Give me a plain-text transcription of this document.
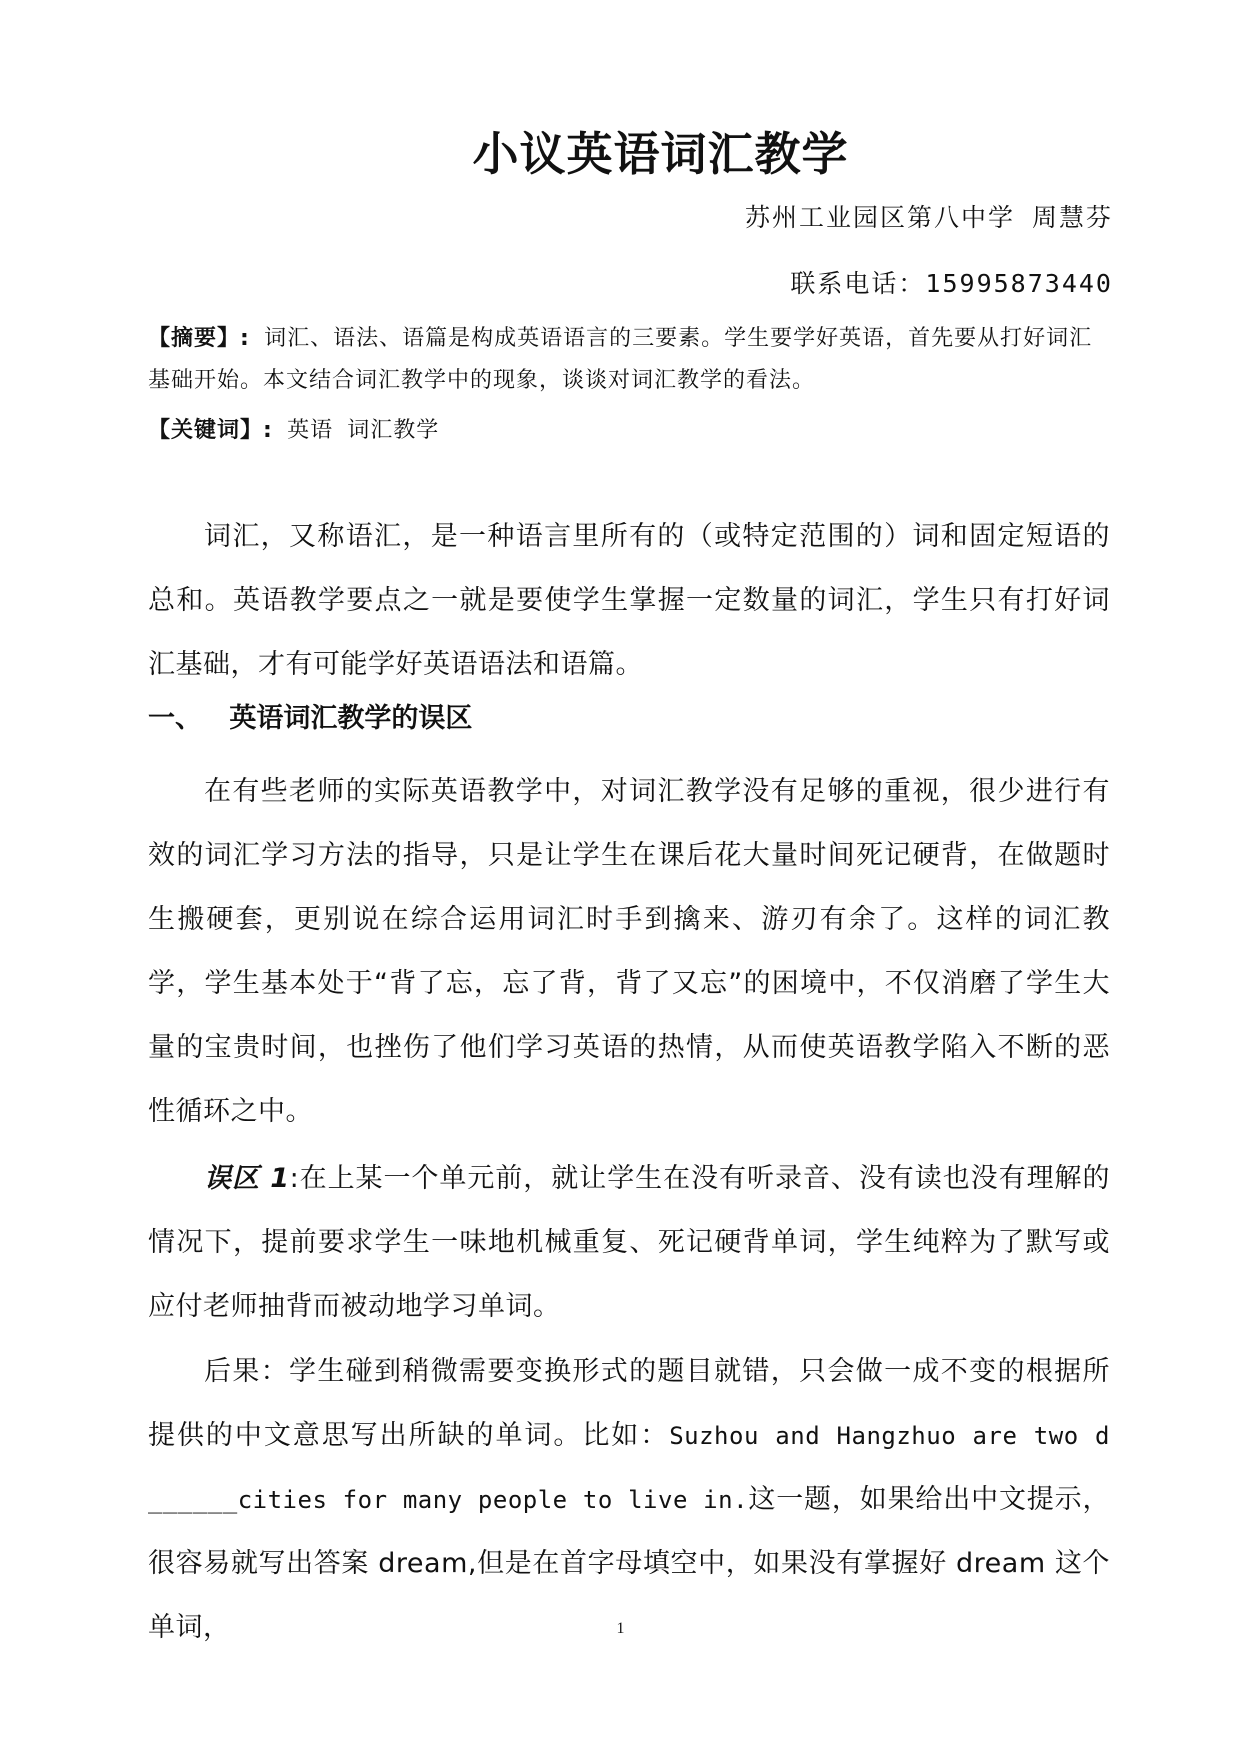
小议英语词汇教学
苏州工业园区第八中学 周慧芬
联系电话：15995873440
【摘要】: 词汇、语法、语篇是构成英语语言的三要素。学生要学好英语，首先要从打好词汇基础开始。本文结合词汇教学中的现象，谈谈对词汇教学的看法。
【关键词】: 英语 词汇教学
词汇，又称语汇，是一种语言里所有的（或特定范围的）词和固定短语的总和。英语教学要点之一就是要使学生掌握一定数量的词汇，学生只有打好词汇基础，才有可能学好英语语法和语篇。
一、 英语词汇教学的误区
在有些老师的实际英语教学中，对词汇教学没有足够的重视，很少进行有效的词汇学习方法的指导，只是让学生在课后花大量时间死记硬背，在做题时生搬硬套，更别说在综合运用词汇时手到擒来、游刃有余了。这样的词汇教学，学生基本处于“背了忘，忘了背，背了又忘”的困境中，不仅消磨了学生大量的宝贵时间，也挫伤了他们学习英语的热情，从而使英语教学陷入不断的恶性循环之中。
误区 1:在上某一个单元前，就让学生在没有听录音、没有读也没有理解的情况下，提前要求学生一味地机械重复、死记硬背单词，学生纯粹为了默写或应付老师抽背而被动地学习单词。
后果：学生碰到稍微需要变换形式的题目就错，只会做一成不变的根据所提供的中文意思写出所缺的单词。比如：Suzhou and Hangzhuo are two d ______cities for many people to live in.这一题，如果给出中文提示，很容易就写出答案 dream,但是在首字母填空中，如果没有掌握好 dream 这个单词，	1
